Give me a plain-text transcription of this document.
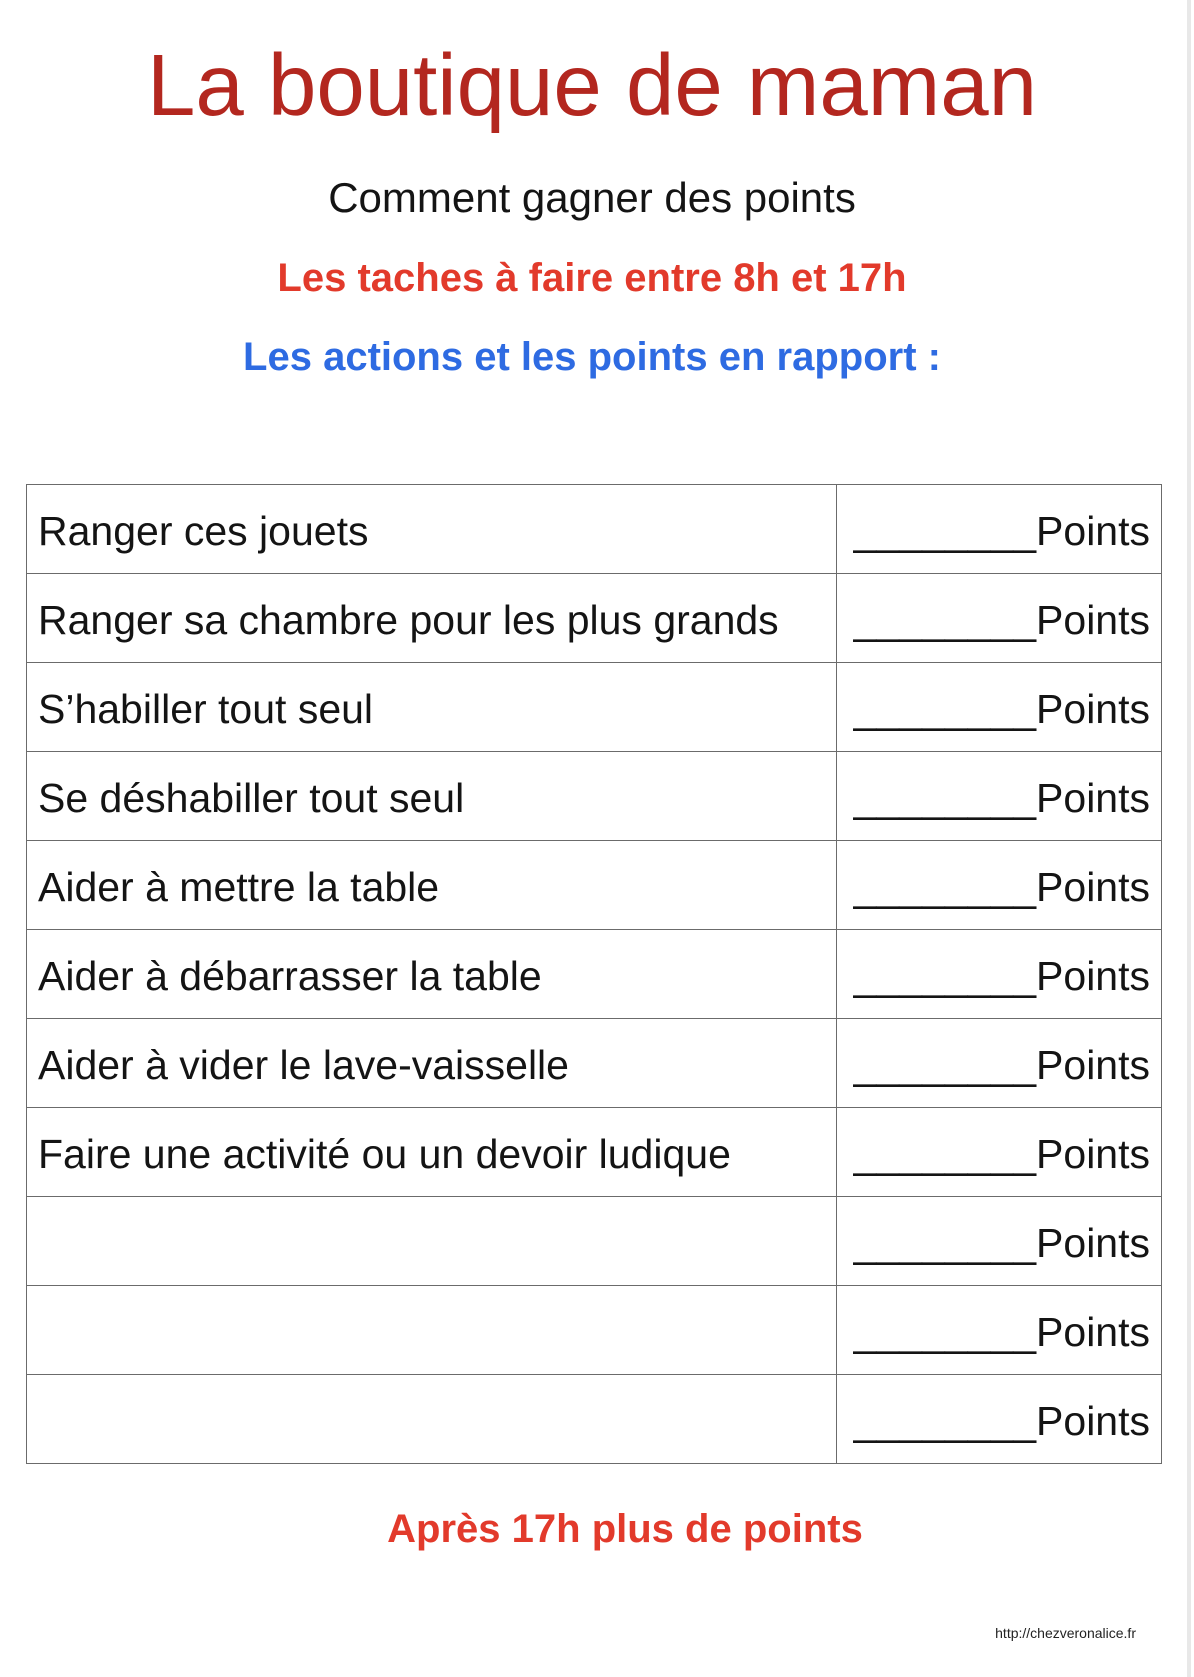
La boutique de maman
Comment gagner des points
Les taches à faire entre 8h et 17h
Les actions et les points en rapport :
Ranger ces jouets	________Points
Ranger sa chambre pour les plus grands	________Points
S’habiller tout seul	________Points
Se déshabiller tout seul	________Points
Aider à mettre la table	________Points
Aider à débarrasser la table	________Points
Aider à vider le lave-vaisselle	________Points
Faire une activité ou un devoir ludique	________Points
	________Points
	________Points
	________Points
Après 17h plus de points
http://chezveronalice.fr
